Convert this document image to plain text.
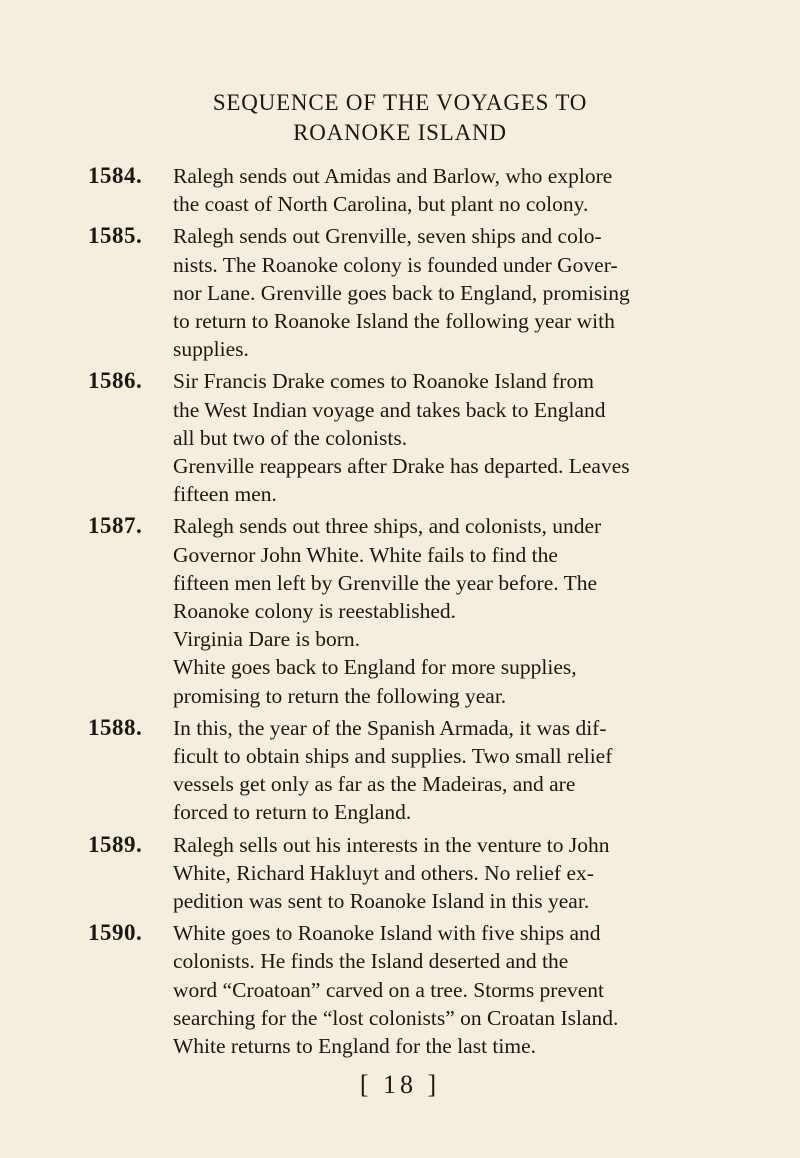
SEQUENCE OF THE VOYAGES TO
ROANOKE ISLAND
1584.	Ralegh sends out Amidas and Barlow, who explore
the coast of North Carolina, but plant no colony.
1585.	Ralegh sends out Grenville, seven ships and colo-
nists. The Roanoke colony is founded under Gover-
nor Lane. Grenville goes back to England, promising
to return to Roanoke Island the following year with
supplies.
1586.	Sir Francis Drake comes to Roanoke Island from
the West Indian voyage and takes back to England
all but two of the colonists.
Grenville reappears after Drake has departed. Leaves
fifteen men.
1587.	Ralegh sends out three ships, and colonists, under
Governor John White. White fails to find the
fifteen men left by Grenville the year before. The
Roanoke colony is reestablished.
Virginia Dare is born.
White goes back to England for more supplies,
promising to return the following year.
1588.	In this, the year of the Spanish Armada, it was dif-
ficult to obtain ships and supplies. Two small relief
vessels get only as far as the Madeiras, and are
forced to return to England.
1589.	Ralegh sells out his interests in the venture to John
White, Richard Hakluyt and others. No relief ex-
pedition was sent to Roanoke Island in this year.
1590.	White goes to Roanoke Island with five ships and
colonists. He finds the Island deserted and the
word “Croatoan” carved on a tree. Storms prevent
searching for the “lost colonists” on Croatan Island.
White returns to England for the last time.
[ 18 ]
